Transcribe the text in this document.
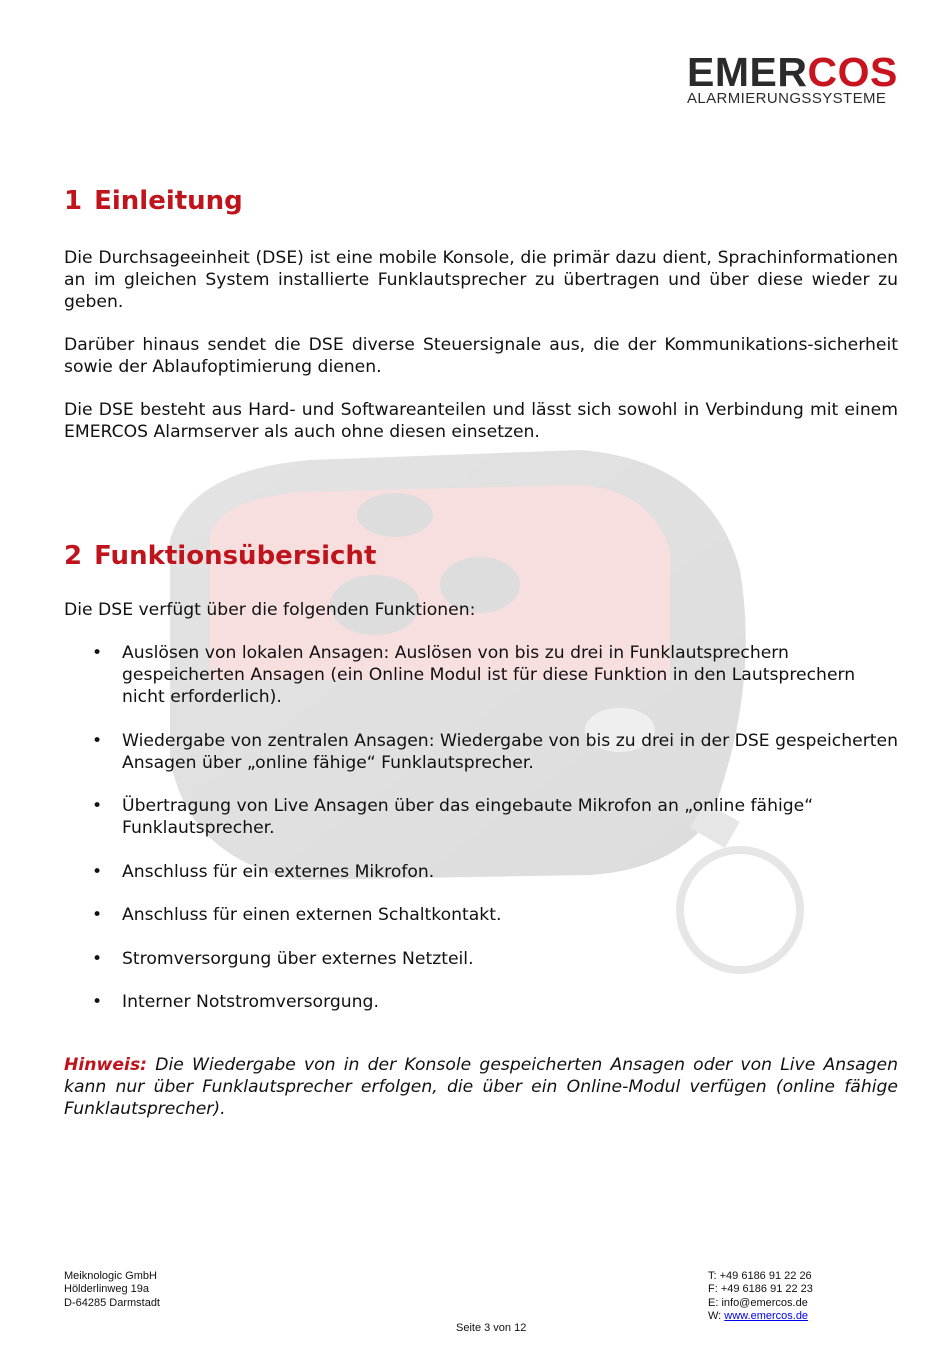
EMERCOS
ALARMIERUNGSSYSTEME
1 Einleitung

Die Durchsageeinheit (DSE) ist eine mobile Konsole, die primär dazu dient, Sprachinformationen an im gleichen System installierte Funklautsprecher zu übertragen und über diese wieder zu geben.

Darüber hinaus sendet die DSE diverse Steuersignale aus, die der Kommunikations-sicherheit sowie der Ablaufoptimierung dienen.

Die DSE besteht aus Hard- und Softwareanteilen und lässt sich sowohl in Verbindung mit einem EMERCOS Alarmserver als auch ohne diesen einsetzen.

2 Funktionsübersicht

Die DSE verfügt über die folgenden Funktionen:

• Auslösen von lokalen Ansagen: Auslösen von bis zu drei in Funklautsprechern gespeicherten Ansagen (ein Online Modul ist für diese Funktion in den Lautsprechern nicht erforderlich).
• Wiedergabe von zentralen Ansagen: Wiedergabe von bis zu drei in der DSE gespeicherten Ansagen über „online fähige“ Funklautsprecher.
• Übertragung von Live Ansagen über das eingebaute Mikrofon an „online fähige“ Funklautsprecher.
• Anschluss für ein externes Mikrofon.
• Anschluss für einen externen Schaltkontakt.
• Stromversorgung über externes Netzteil.
• Interner Notstromversorgung.

Hinweis: Die Wiedergabe von in der Konsole gespeicherten Ansagen oder von Live Ansagen kann nur über Funklautsprecher erfolgen, die über ein Online-Modul verfügen (online fähige Funklautsprecher).

Meiknologic GmbH
Hölderlinweg 19a
D-64285 Darmstadt
T: +49 6186 91 22 26
F: +49 6186 91 22 23
E: info@emercos.de
W: www.emercos.de
Seite 3 von 12
